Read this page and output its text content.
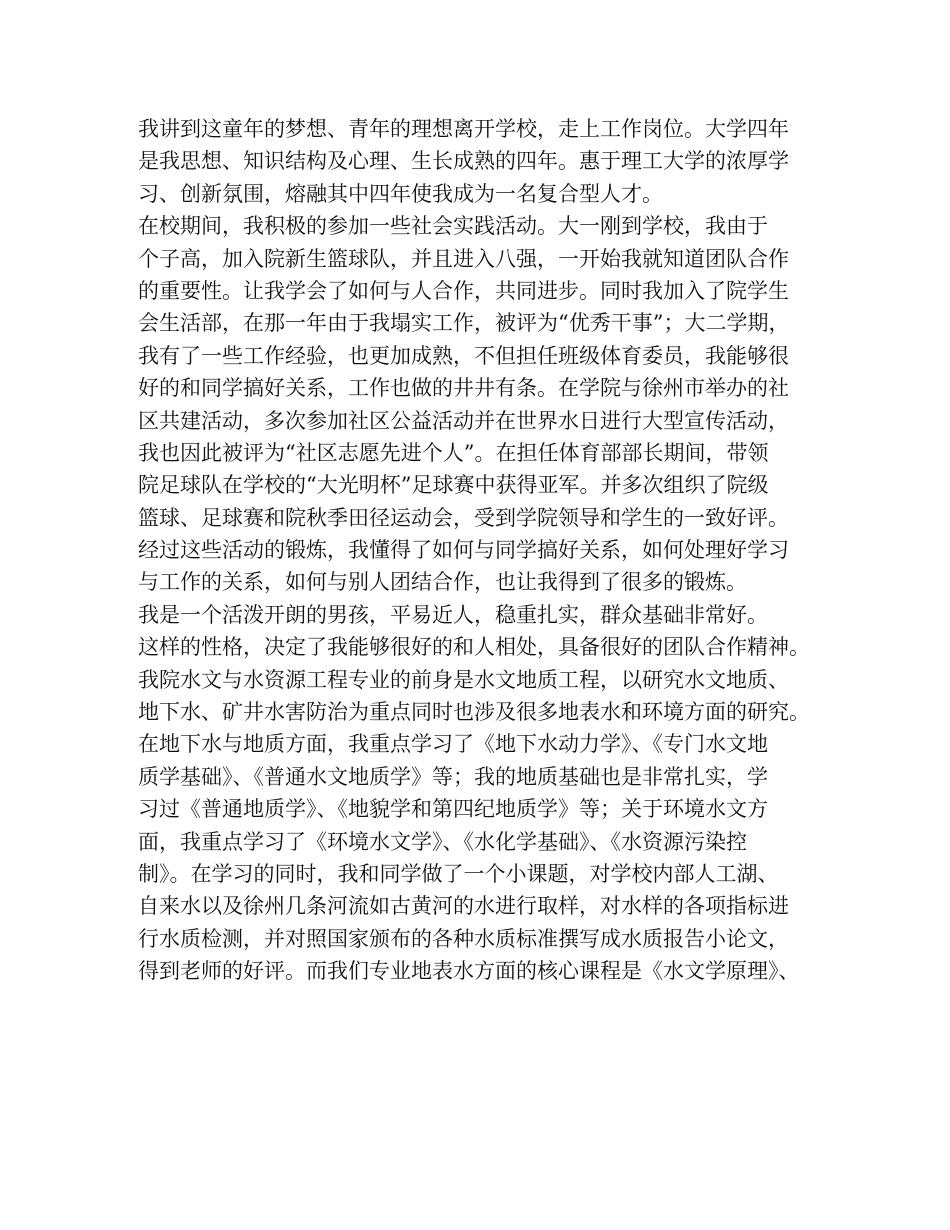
我讲到这童年的梦想、青年的理想离开学校，走上工作岗位。大学四年
是我思想、知识结构及心理、生长成熟的四年。惠于理工大学的浓厚学
习、创新氛围，熔融其中四年使我成为一名复合型人才。
在校期间，我积极的参加一些社会实践活动。大一刚到学校，我由于
个子高，加入院新生篮球队，并且进入八强，一开始我就知道团队合作
的重要性。让我学会了如何与人合作，共同进步。同时我加入了院学生
会生活部，在那一年由于我塌实工作，被评为“优秀干事”；大二学期，
我有了一些工作经验，也更加成熟，不但担任班级体育委员，我能够很
好的和同学搞好关系，工作也做的井井有条。在学院与徐州市举办的社
区共建活动，多次参加社区公益活动并在世界水日进行大型宣传活动，
我也因此被评为“社区志愿先进个人”。在担任体育部部长期间，带领
院足球队在学校的“大光明杯”足球赛中获得亚军。并多次组织了院级
篮球、足球赛和院秋季田径运动会，受到学院领导和学生的一致好评。
经过这些活动的锻炼，我懂得了如何与同学搞好关系，如何处理好学习
与工作的关系，如何与别人团结合作，也让我得到了很多的锻炼。
我是一个活泼开朗的男孩，平易近人，稳重扎实，群众基础非常好。
这样的性格，决定了我能够很好的和人相处，具备很好的团队合作精神。
我院水文与水资源工程专业的前身是水文地质工程，以研究水文地质、
地下水、矿井水害防治为重点同时也涉及很多地表水和环境方面的研究。
在地下水与地质方面，我重点学习了《地下水动力学》、《专门水文地
质学基础》、《普通水文地质学》等；我的地质基础也是非常扎实，学
习过《普通地质学》、《地貌学和第四纪地质学》等；关于环境水文方
面，我重点学习了《环境水文学》、《水化学基础》、《水资源污染控
制》。在学习的同时，我和同学做了一个小课题，对学校内部人工湖、
自来水以及徐州几条河流如古黄河的水进行取样，对水样的各项指标进
行水质检测，并对照国家颁布的各种水质标准撰写成水质报告小论文，
得到老师的好评。而我们专业地表水方面的核心课程是《水文学原理》、
